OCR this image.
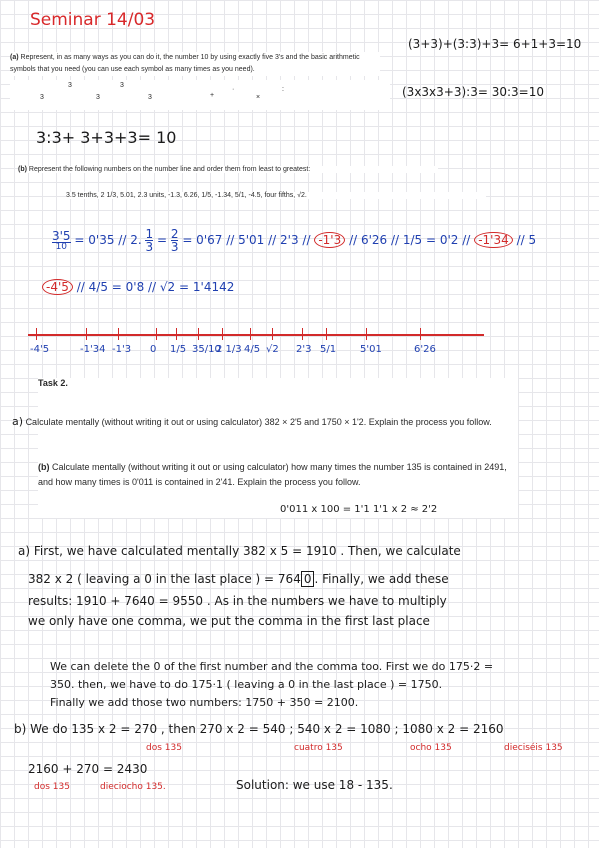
Seminar 14/03
(3+3)+(3:3)+3= 6+1+3=10
(3x3x3+3):3= 30:3=10
(a) Represent, in as many ways as you can do it, the number 10 by using exactly five 3's and the basic arithmetic symbols that you need (you can use each symbol as many times as you need).
3
3
3
3
3	+
·
×
:
3:3+ 3+3+3= 10
(b) Represent the following numbers on the number line and order them from least to greatest:
3.5 tenths, 2 1/3, 5.01, 2.3 units, -1.3, 6.26, 1/5, -1.34, 5/1, -4.5, four fifths, √2.
$\frac{3'5}{10} = 0'35 // 2$. $\frac{1}{3} = \frac{2}{3} = 0'67 // 5'01 // 2'3 // -1'3 // 6'26 // 1/5 = 0'2 // -1'34 // 5$
-4'5 // 4/5 = 0'8 // √2 = 1'4142
-4'5	-1'34 -1'3 0 1/5 35/10
2 1/3 4/5 √2 2'3 5/1 5'01	6'26
Task 2.
a) Calculate mentally (without writing it out or using calculator) 382 × 2'5 and 1750 × 1'2. Explain the process you follow.
(b) Calculate mentally (without writing it out or using calculator) how many times the number 135 is contained in 2491, and how many times is 0'011 is contained in 2'41. Explain the process you follow.
0'011 x 100 = 1'1 1'1 x 2 ≈ 2'2
a) First, we have calculated mentally 382 x 5 = 1910 . Then, we calculate
382 x 2 ( leaving a 0 in the last place ) = 764 0 . Finally, we add these
results: 1910 + 7640 = 9550 . As in the numbers we have to multiply
we only have one comma, we put the comma in the first last place
We can delete the 0 of the first number and the comma too. First we do 175·2 =
350. then, we have to do 175·1 ( leaving a 0 in the last place ) = 1750.
Finally we add those two numbers: 1750 + 350 = 2100.
b) We do 135 x 2 = 270 , then 270 x 2 = 540 ; 540 x 2 = 1080 ; 1080 x 2 = 2160
dos 135	cuatro 135	ocho 135	dieciséis 135
2160 + 270 = 2430
dos 135	dieciocho 135.	Solution: we use 18 - 135.
